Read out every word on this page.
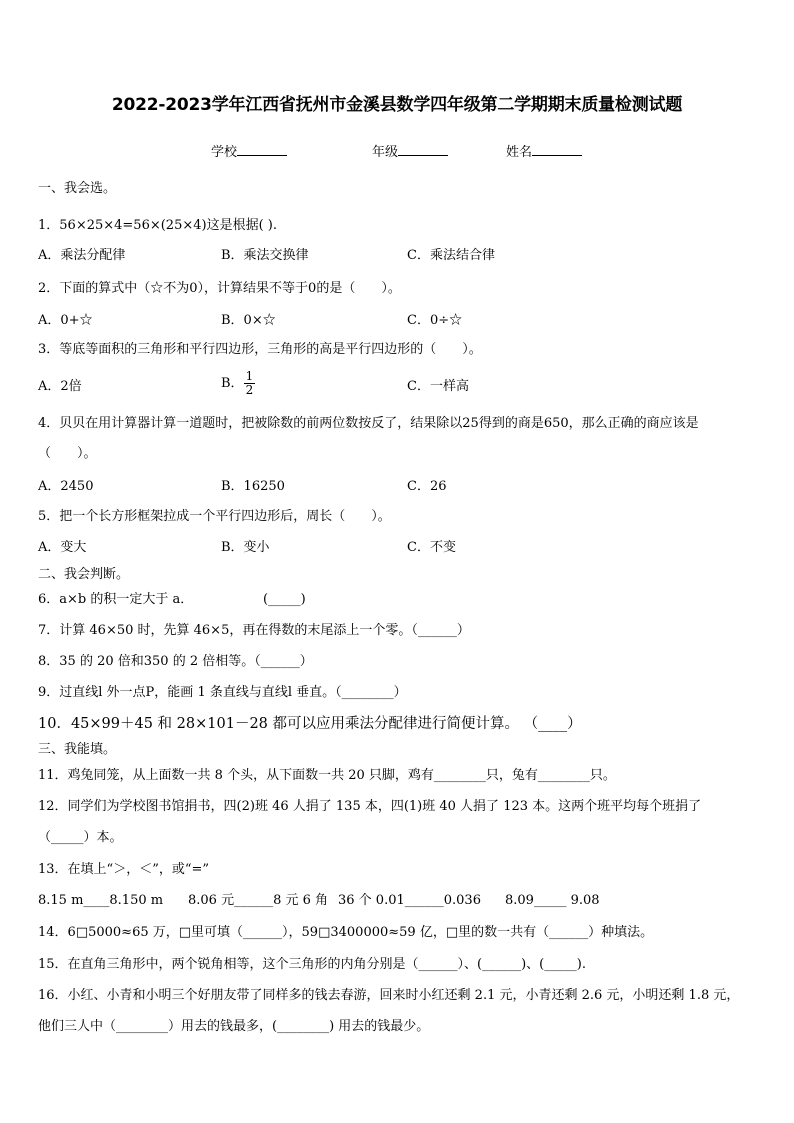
2022-2023学年江西省抚州市金溪县数学四年级第二学期期末质量检测试题
学校	年级	姓名
一、我会选。
1．56×25×4=56×(25×4)这是根据( ).
A．乘法分配律	B．乘法交换律	C．乘法结合律
2．下面的算式中（☆不为0），计算结果不等于0的是（　　）。
A．0+☆	B．0×☆	C．0÷☆
3．等底等面积的三角形和平行四边形，三角形的高是平行四边形的（　　）。
A．2倍	B． $\frac{1}{2}$	C．一样高
4．贝贝在用计算器计算一道题时，把被除数的前两位数按反了，结果除以25得到的商是650，那么正确的商应该是
（　　）。
A．2450	B．16250	C．26
5．把一个长方形框架拉成一个平行四边形后，周长（　　）。
A．变大	B．变小	C．不变
二、我会判断。
6．a×b 的积一定大于 a．	(_____)
7．计算 46×50 时，先算 46×5，再在得数的末尾添上一个零。（______）
8．35 的 20 倍和350 的 2 倍相等。（______）
9．过直线l 外一点P，能画 1 条直线与直线l 垂直。（________）
10．45×99＋45 和 28×101－28 都可以应用乘法分配律进行简便计算。 （____）
三、我能填。
11．鸡兔同笼，从上面数一共 8 个头，从下面数一共 20 只脚，鸡有________只，兔有________只。
12．同学们为学校图书馆捐书，四(2)班 46 人捐了 135 本，四(1)班 40 人捐了 123 本。这两个班平均每个班捐了
（_____）本。
13．在填上“＞，＜”，或“=”
8.15 m____8.150 m 8.06 元______8 元 6 角 36 个 0.01______0.036 8.09_____ 9.08
14．6□5000≈65 万，□里可填（______），59□3400000≈59 亿，□里的数一共有（______）种填法。
15．在直角三角形中，两个锐角相等，这个三角形的内角分别是（______）、(______)、(_____).
16．小红、小青和小明三个好朋友带了同样多的钱去春游，回来时小红还剩 2.1 元，小青还剩 2.6 元，小明还剩 1.8 元，
他们三人中（________）用去的钱最多，(________) 用去的钱最少。
